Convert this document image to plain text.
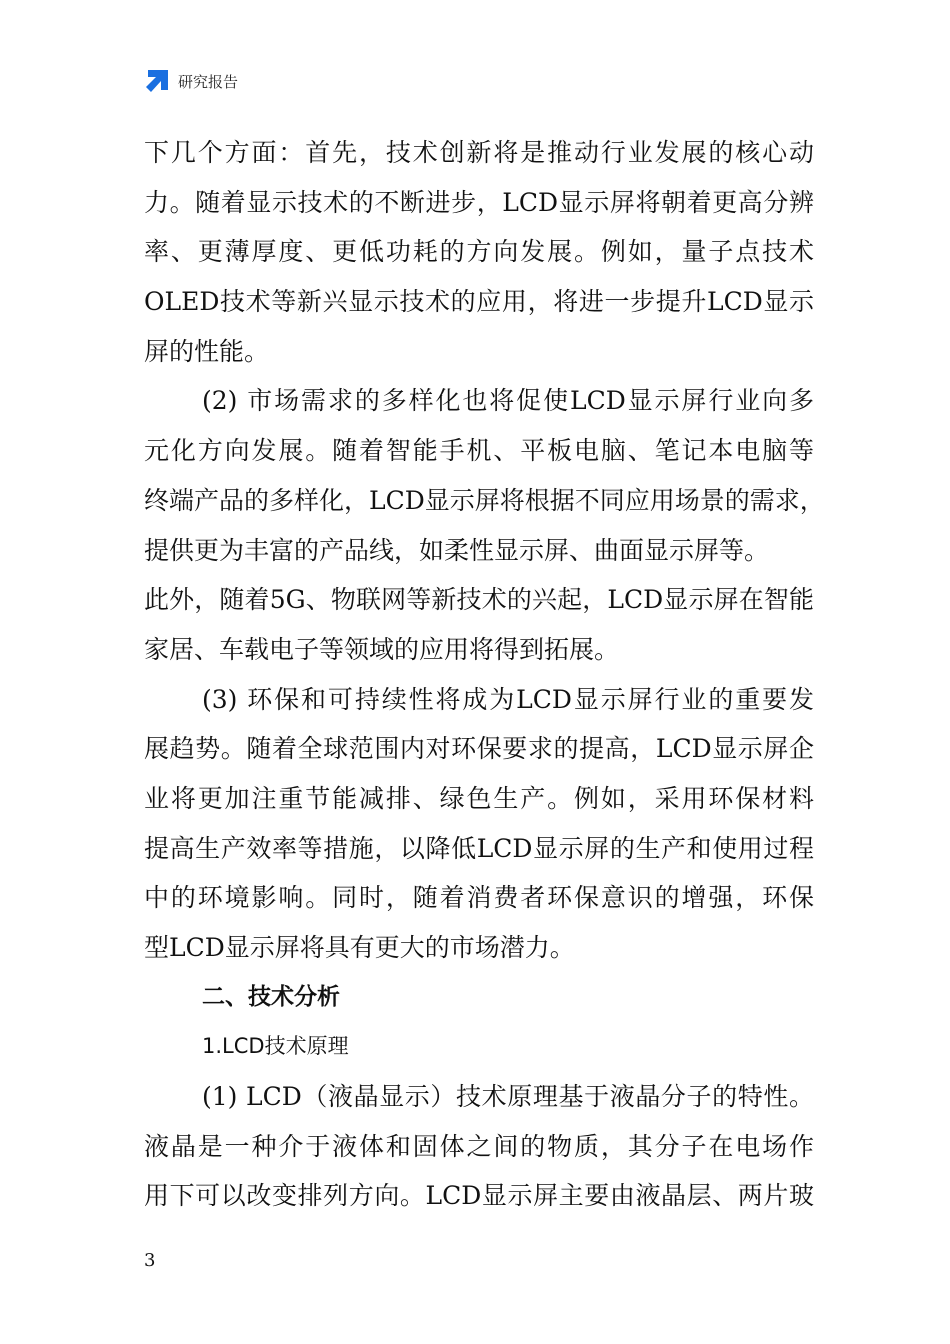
研究报告
下几个方面：首先，技术创新将是推动行业发展的核心动
力。随着显示技术的不断进步，LCD显示屏将朝着更高分辨
率、更薄厚度、更低功耗的方向发展。例如，量子点技术
OLED技术等新兴显示技术的应用，将进一步提升LCD显示
屏的性能。
(2) 市场需求的多样化也将促使LCD显示屏行业向多
元化方向发展。随着智能手机、平板电脑、笔记本电脑等
终端产品的多样化，LCD显示屏将根据不同应用场景的需求，
提供更为丰富的产品线，如柔性显示屏、曲面显示屏等。
此外，随着5G、物联网等新技术的兴起，LCD显示屏在智能
家居、车载电子等领域的应用将得到拓展。
(3) 环保和可持续性将成为LCD显示屏行业的重要发
展趋势。随着全球范围内对环保要求的提高，LCD显示屏企
业将更加注重节能减排、绿色生产。例如，采用环保材料
提高生产效率等措施，以降低LCD显示屏的生产和使用过程
中的环境影响。同时，随着消费者环保意识的增强，环保
型LCD显示屏将具有更大的市场潜力。
二、技术分析
1.LCD技术原理
(1) LCD（液晶显示）技术原理基于液晶分子的特性。
液晶是一种介于液体和固体之间的物质，其分子在电场作
用下可以改变排列方向。LCD显示屏主要由液晶层、两片玻
3
